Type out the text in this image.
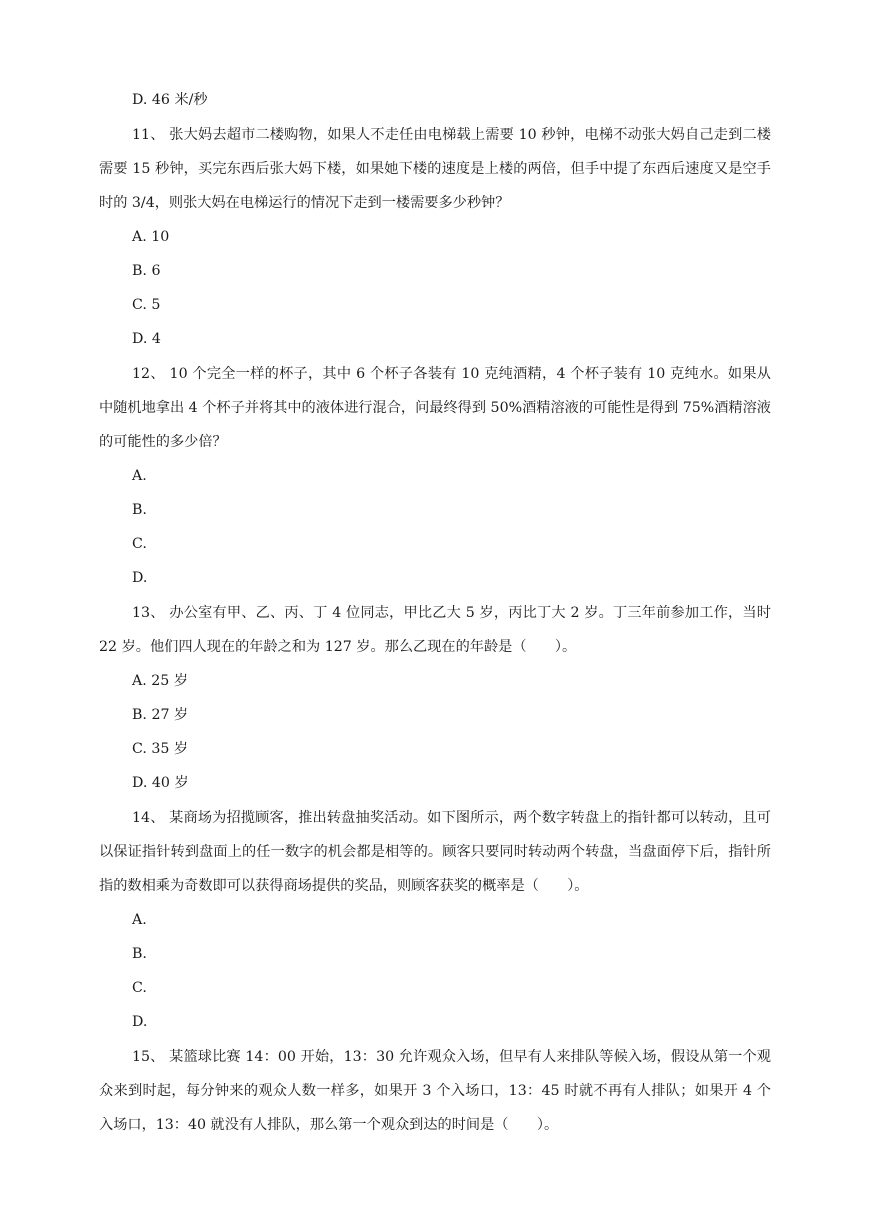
D. 46 米/秒
11、 张大妈去超市二楼购物，如果人不走任由电梯载上需要 10 秒钟，电梯不动张大妈自己走到二楼需要 15 秒钟，买完东西后张大妈下楼，如果她下楼的速度是上楼的两倍，但手中提了东西后速度又是空手时的 3/4，则张大妈在电梯运行的情况下走到一楼需要多少秒钟？
A. 10
B. 6
C. 5
D. 4
12、 10 个完全一样的杯子，其中 6 个杯子各装有 10 克纯酒精，4 个杯子装有 10 克纯水。如果从中随机地拿出 4 个杯子并将其中的液体进行混合，问最终得到 50%酒精溶液的可能性是得到 75%酒精溶液的可能性的多少倍？
A.
B.
C.
D.
13、 办公室有甲、乙、丙、丁 4 位同志，甲比乙大 5 岁，丙比丁大 2 岁。丁三年前参加工作，当时 22 岁。他们四人现在的年龄之和为 127 岁。那么乙现在的年龄是（　　）。
A. 25 岁
B. 27 岁
C. 35 岁
D. 40 岁
14、 某商场为招揽顾客，推出转盘抽奖活动。如下图所示，两个数字转盘上的指针都可以转动，且可以保证指针转到盘面上的任一数字的机会都是相等的。顾客只要同时转动两个转盘，当盘面停下后，指针所指的数相乘为奇数即可以获得商场提供的奖品，则顾客获奖的概率是（　　）。
A.
B.
C.
D.
15、 某篮球比赛 14：00 开始，13：30 允许观众入场，但早有人来排队等候入场，假设从第一个观众来到时起，每分钟来的观众人数一样多，如果开 3 个入场口，13：45 时就不再有人排队；如果开 4 个入场口，13：40 就没有人排队，那么第一个观众到达的时间是（　　）。
